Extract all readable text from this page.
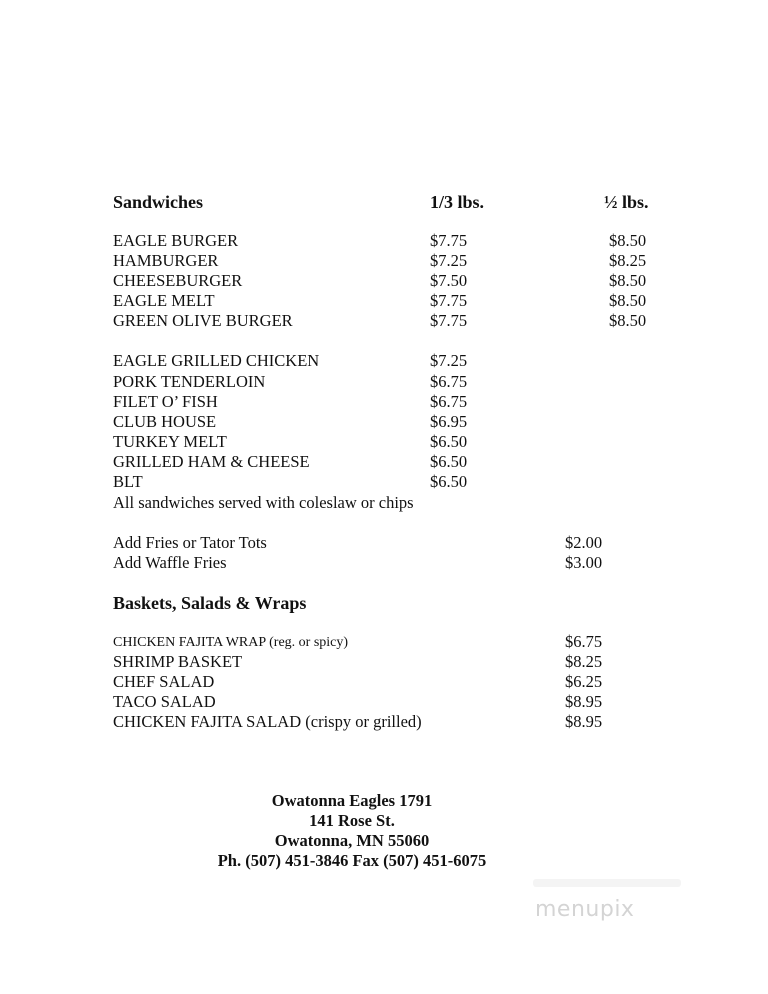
Sandwiches	1/3 lbs.	½ lbs.
EAGLE BURGER	$7.75	$8.50
HAMBURGER	$7.25	$8.25
CHEESEBURGER	$7.50	$8.50
EAGLE MELT	$7.75	$8.50
GREEN OLIVE BURGER	$7.75	$8.50
EAGLE GRILLED CHICKEN	$7.25
PORK TENDERLOIN	$6.75
FILET O’ FISH	$6.75
CLUB HOUSE	$6.95
TURKEY MELT	$6.50
GRILLED HAM & CHEESE	$6.50
BLT	$6.50
All sandwiches served with coleslaw or chips
Add Fries or Tator Tots	$2.00
Add Waffle Fries	$3.00
Baskets, Salads & Wraps
CHICKEN FAJITA WRAP (reg. or spicy)	$6.75
SHRIMP BASKET	$8.25
CHEF SALAD	$6.25
TACO SALAD	$8.95
CHICKEN FAJITA SALAD (crispy or grilled)	$8.95
Owatonna Eagles 1791
141 Rose St.
Owatonna, MN 55060
Ph. (507) 451-3846 Fax (507) 451-6075
menupix
